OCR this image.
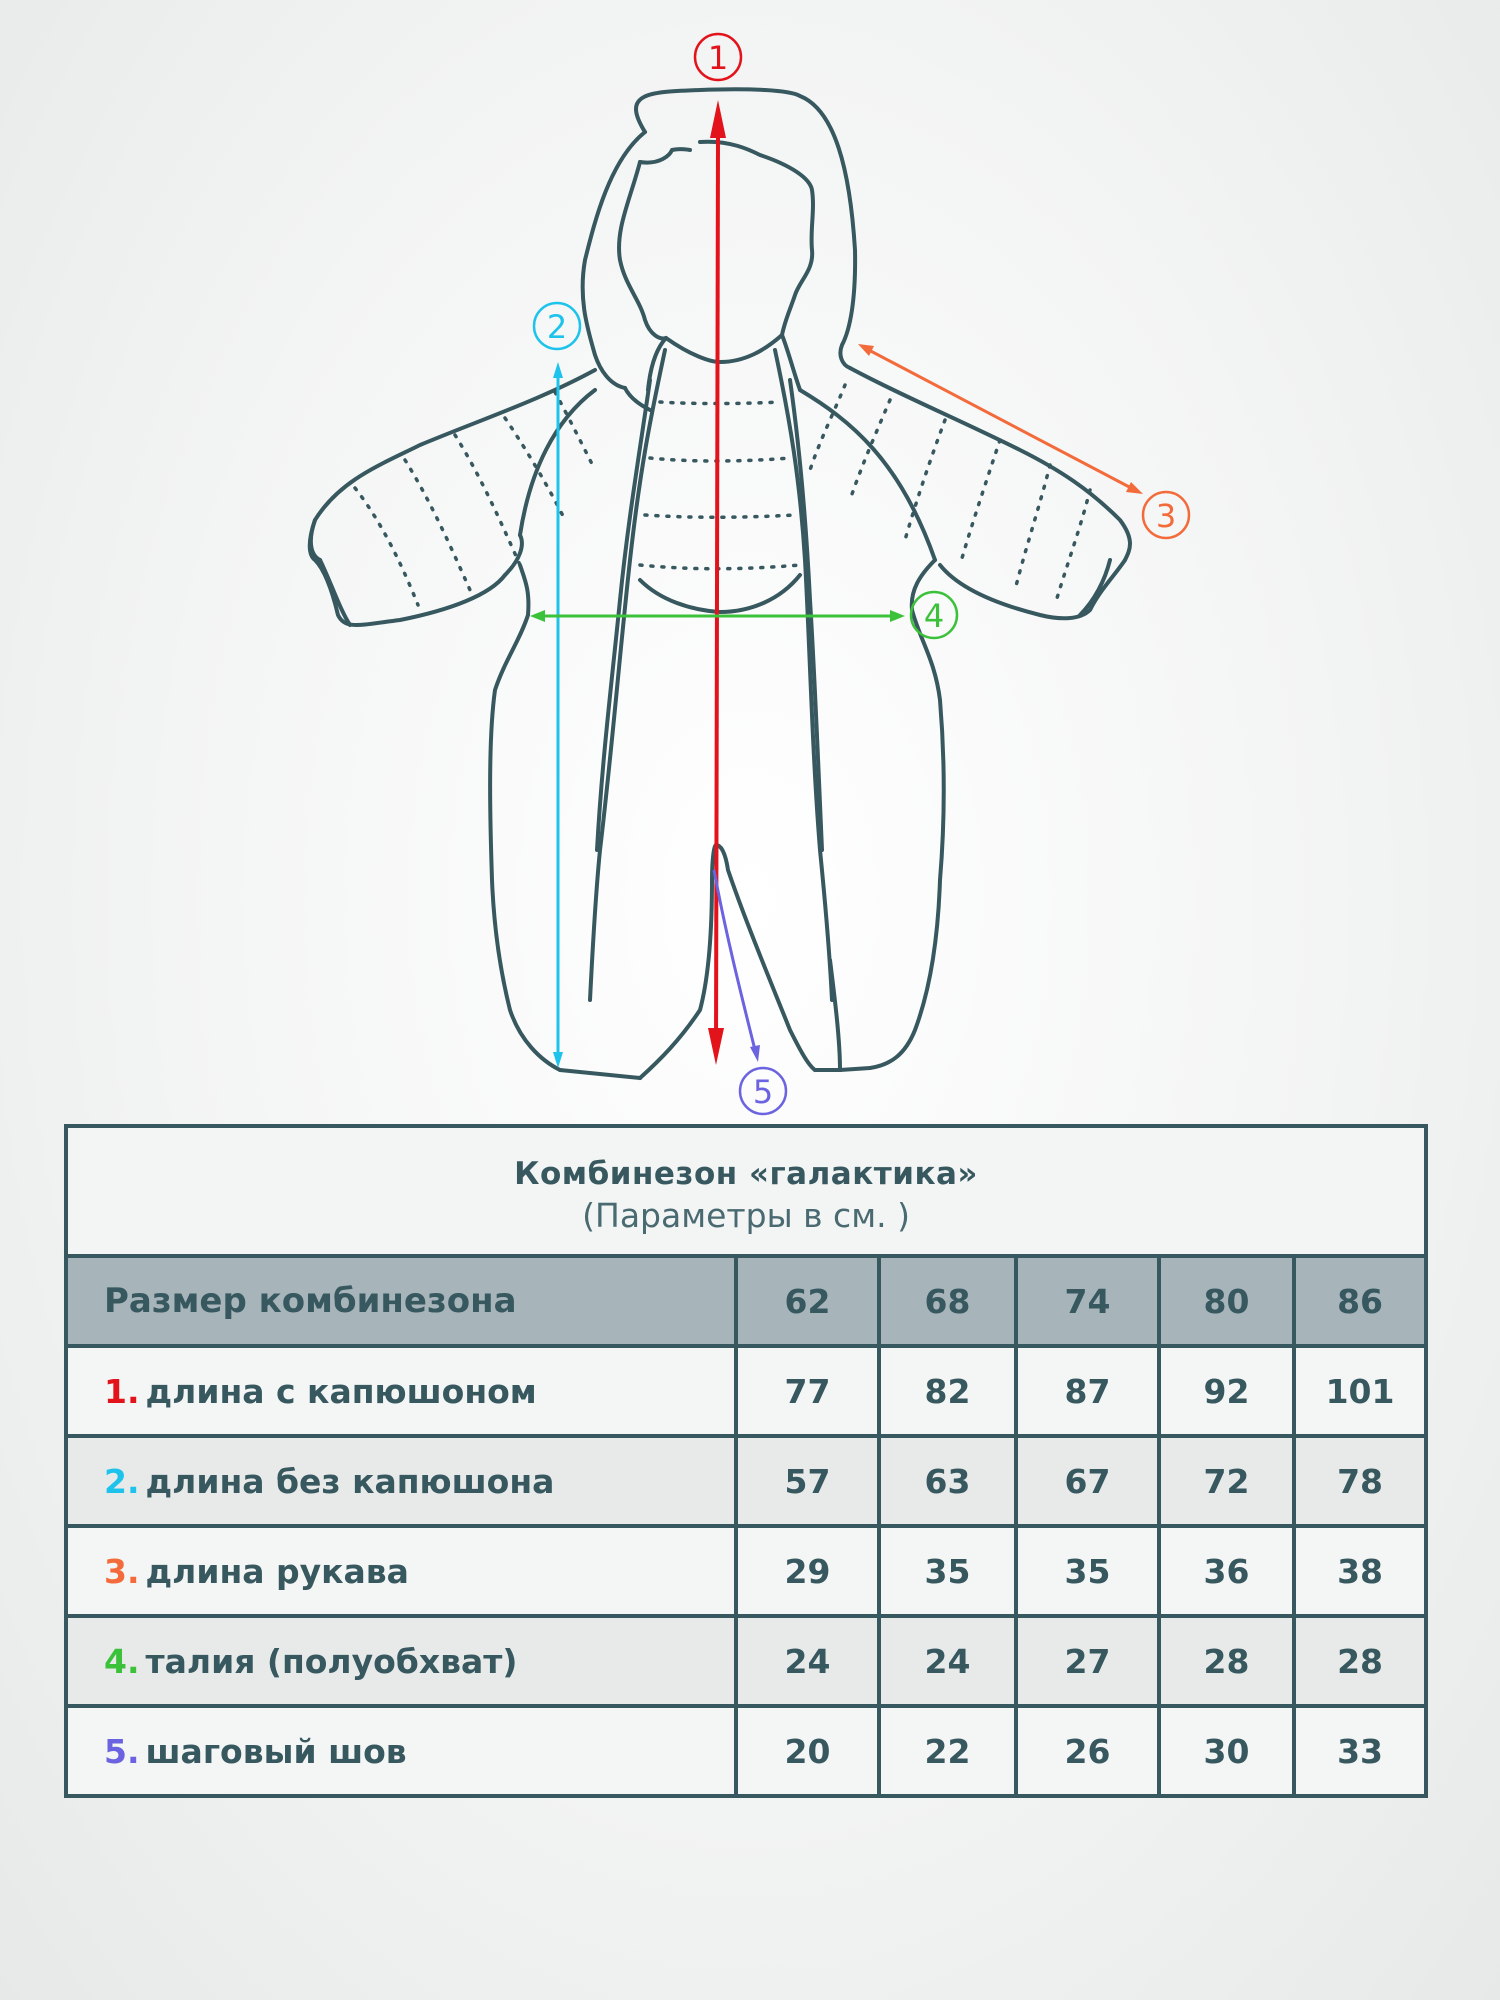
1
2
3
4
5
Комбинезон «галактика»
(Параметры в см. )					

Размер комбинезона	62	68	74	80	86
1. длина с капюшоном	77	82	87	92	101
2. длина без капюшона	57	63	67	72	78
3. длина рукава	29	35	35	36	38
4. талия (полуобхват)	24	24	27	28	28
5. шаговый шов	20	22	26	30	33
